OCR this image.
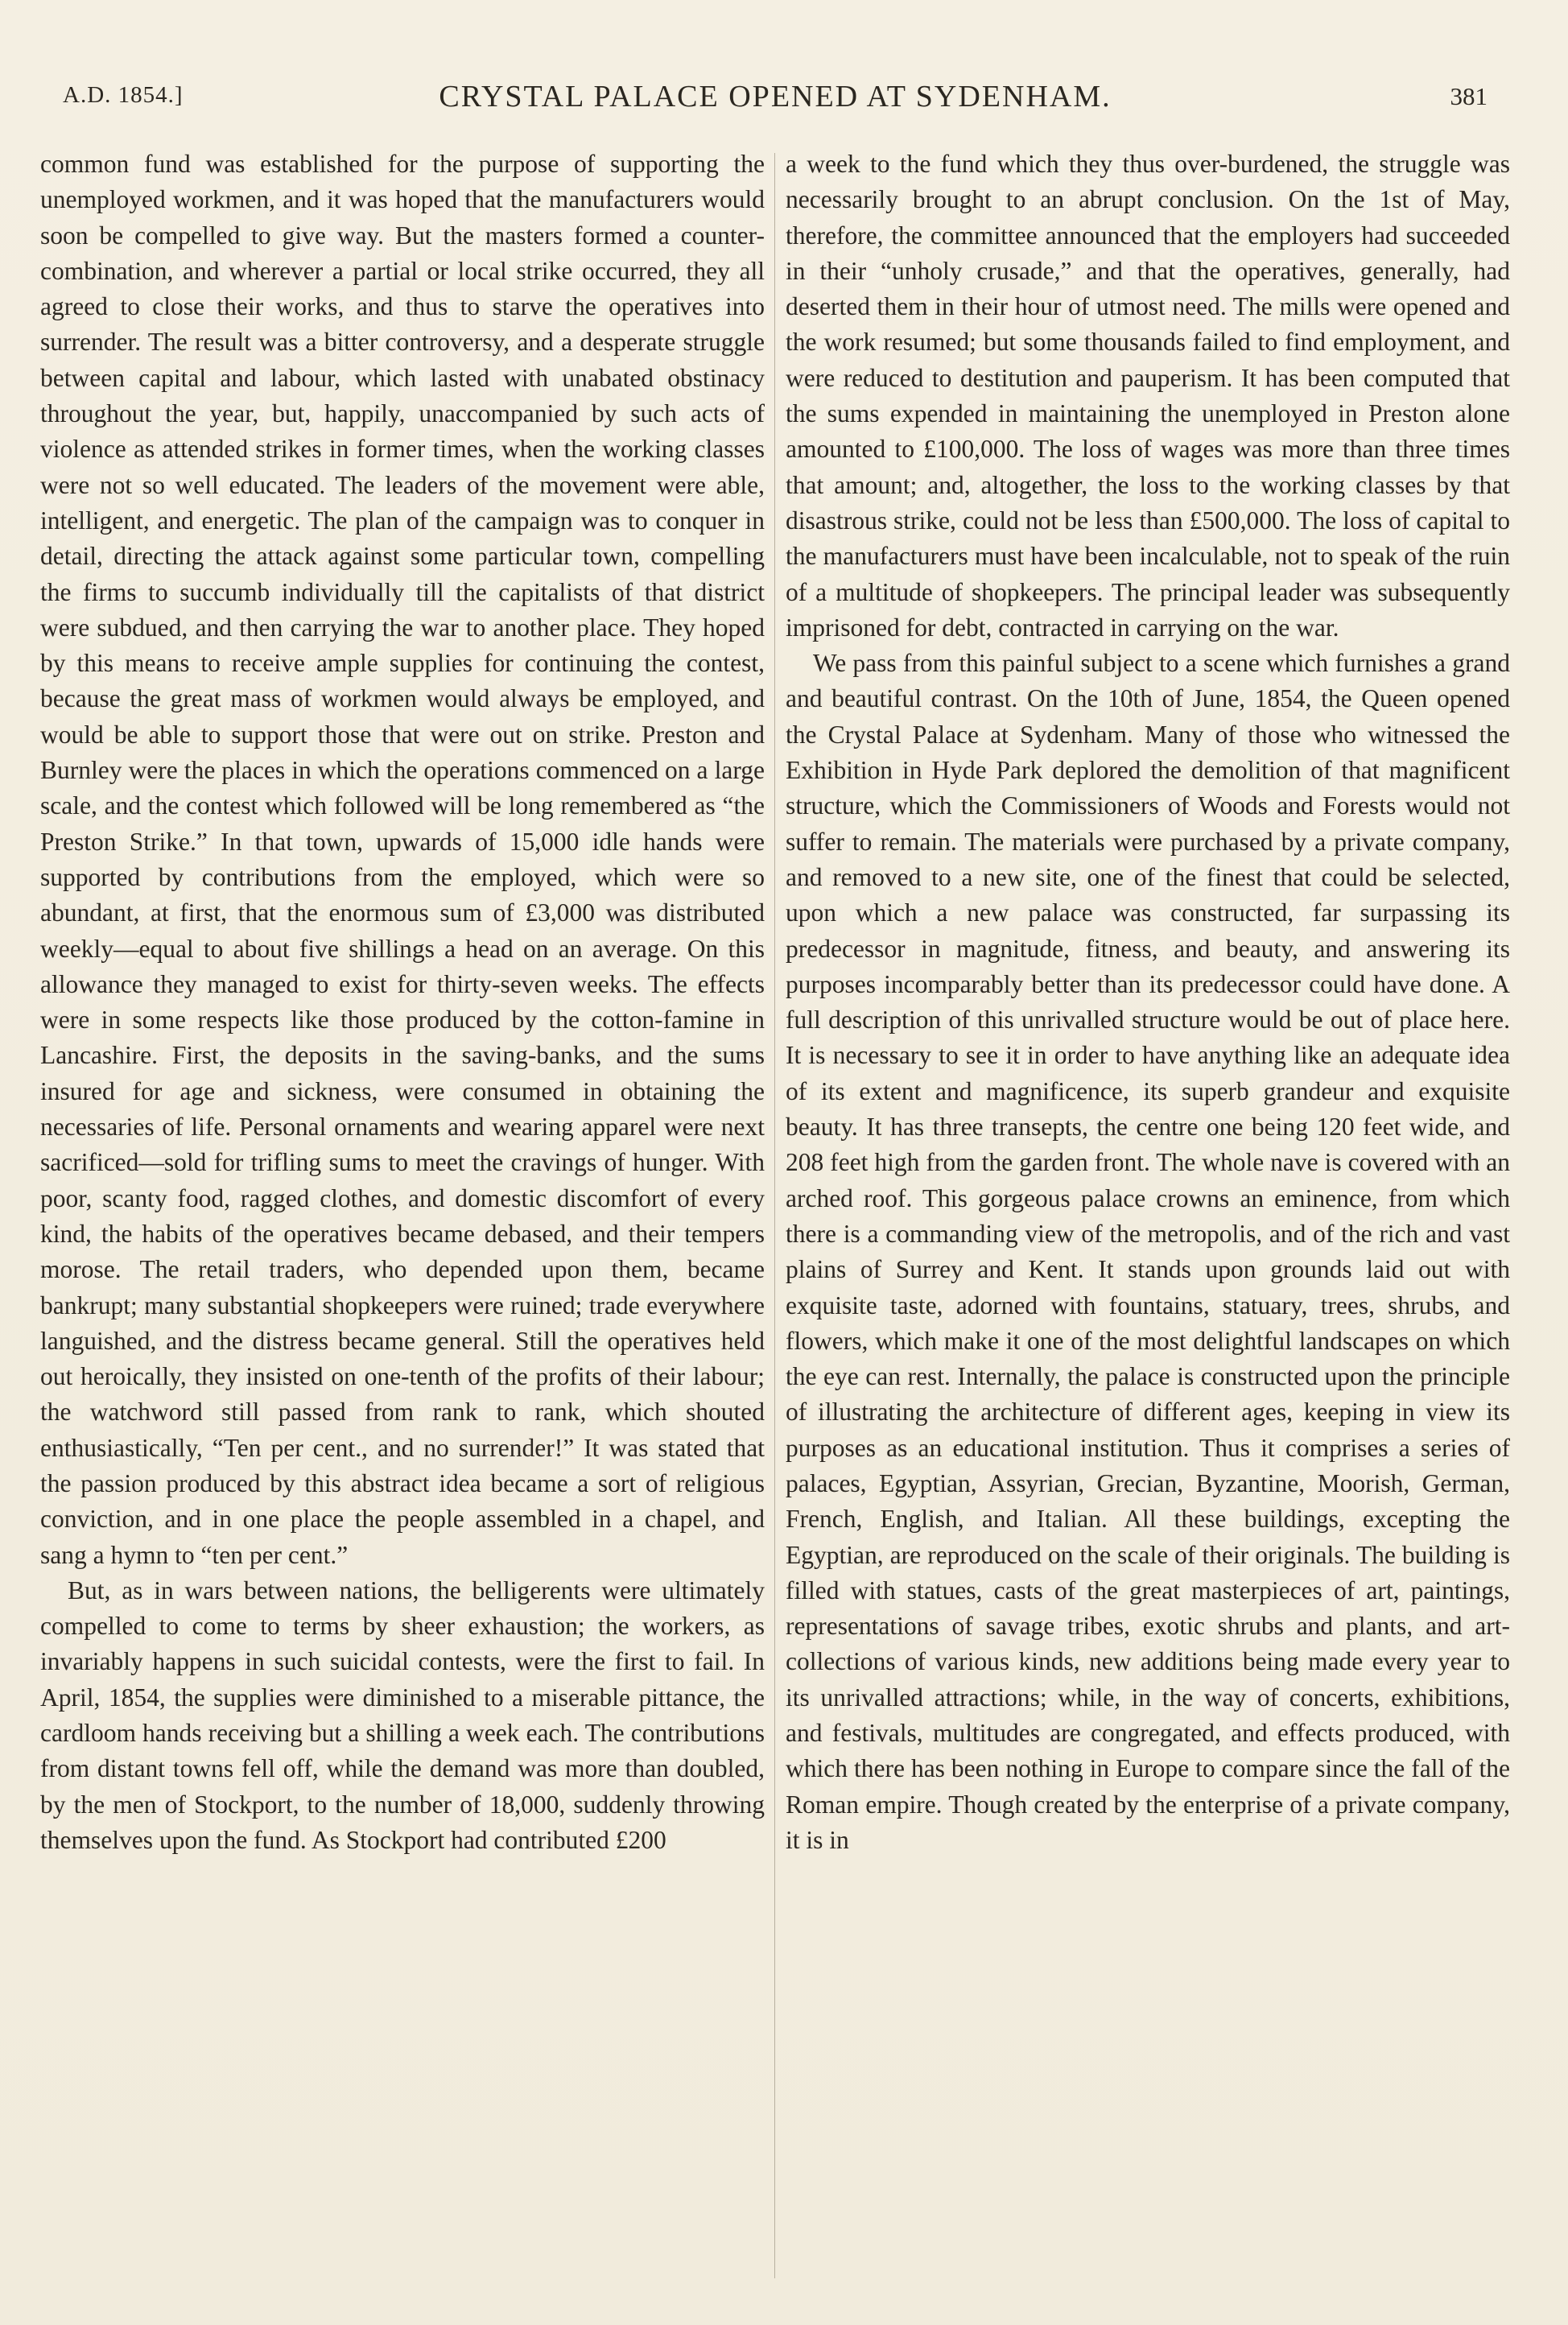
A.D. 1854.]	CRYSTAL PALACE OPENED AT SYDENHAM.	381

common fund was established for the purpose of supporting the unemployed workmen, and it was hoped that the manufacturers would soon be compelled to give way. But the masters formed a counter-combination, and wherever a partial or local strike occurred, they all agreed to close their works, and thus to starve the operatives into surrender. The result was a bitter controversy, and a desperate struggle between capital and labour, which lasted with unabated obstinacy throughout the year, but, happily, unaccompanied by such acts of violence as attended strikes in former times, when the working classes were not so well educated. The leaders of the movement were able, intelligent, and energetic. The plan of the campaign was to conquer in detail, directing the attack against some particular town, compelling the firms to succumb individually till the capitalists of that district were subdued, and then carrying the war to another place. They hoped by this means to receive ample supplies for continuing the contest, because the great mass of workmen would always be employed, and would be able to support those that were out on strike. Preston and Burnley were the places in which the operations commenced on a large scale, and the contest which followed will be long remembered as “the Preston Strike.” In that town, upwards of 15,000 idle hands were supported by contributions from the employed, which were so abundant, at first, that the enormous sum of £3,000 was distributed weekly—equal to about five shillings a head on an average. On this allowance they managed to exist for thirty-seven weeks. The effects were in some respects like those produced by the cotton-famine in Lancashire. First, the deposits in the saving-banks, and the sums insured for age and sickness, were consumed in obtaining the necessaries of life. Personal ornaments and wearing apparel were next sacrificed—sold for trifling sums to meet the cravings of hunger. With poor, scanty food, ragged clothes, and domestic discomfort of every kind, the habits of the operatives became debased, and their tempers morose. The retail traders, who depended upon them, became bankrupt; many substantial shopkeepers were ruined; trade everywhere languished, and the distress became general. Still the operatives held out heroically, they insisted on one-tenth of the profits of their labour; the watchword still passed from rank to rank, which shouted enthusiastically, “Ten per cent., and no surrender!” It was stated that the passion produced by this abstract idea became a sort of religious conviction, and in one place the people assembled in a chapel, and sang a hymn to “ten per cent.”

But, as in wars between nations, the belligerents were ultimately compelled to come to terms by sheer exhaustion; the workers, as invariably happens in such suicidal contests, were the first to fail. In April, 1854, the supplies were diminished to a miserable pittance, the cardloom hands receiving but a shilling a week each. The contributions from distant towns fell off, while the demand was more than doubled, by the men of Stockport, to the number of 18,000, suddenly throwing themselves upon the fund. As Stockport had contributed £200

a week to the fund which they thus over-burdened, the struggle was necessarily brought to an abrupt conclusion. On the 1st of May, therefore, the committee announced that the employers had succeeded in their “unholy crusade,” and that the operatives, generally, had deserted them in their hour of utmost need. The mills were opened and the work resumed; but some thousands failed to find employment, and were reduced to destitution and pauperism. It has been computed that the sums expended in maintaining the unemployed in Preston alone amounted to £100,000. The loss of wages was more than three times that amount; and, altogether, the loss to the working classes by that disastrous strike, could not be less than £500,000. The loss of capital to the manufacturers must have been incalculable, not to speak of the ruin of a multitude of shopkeepers. The principal leader was subsequently imprisoned for debt, contracted in carrying on the war.

We pass from this painful subject to a scene which furnishes a grand and beautiful contrast. On the 10th of June, 1854, the Queen opened the Crystal Palace at Sydenham. Many of those who witnessed the Exhibition in Hyde Park deplored the demolition of that magnificent structure, which the Commissioners of Woods and Forests would not suffer to remain. The materials were purchased by a private company, and removed to a new site, one of the finest that could be selected, upon which a new palace was constructed, far surpassing its predecessor in magnitude, fitness, and beauty, and answering its purposes incomparably better than its predecessor could have done. A full description of this unrivalled structure would be out of place here. It is necessary to see it in order to have anything like an adequate idea of its extent and magnificence, its superb grandeur and exquisite beauty. It has three transepts, the centre one being 120 feet wide, and 208 feet high from the garden front. The whole nave is covered with an arched roof. This gorgeous palace crowns an eminence, from which there is a commanding view of the metropolis, and of the rich and vast plains of Surrey and Kent. It stands upon grounds laid out with exquisite taste, adorned with fountains, statuary, trees, shrubs, and flowers, which make it one of the most delightful landscapes on which the eye can rest. Internally, the palace is constructed upon the principle of illustrating the architecture of different ages, keeping in view its purposes as an educational institution. Thus it comprises a series of palaces, Egyptian, Assyrian, Grecian, Byzantine, Moorish, German, French, English, and Italian. All these buildings, excepting the Egyptian, are reproduced on the scale of their originals. The building is filled with statues, casts of the great masterpieces of art, paintings, representations of savage tribes, exotic shrubs and plants, and art-collections of various kinds, new additions being made every year to its unrivalled attractions; while, in the way of concerts, exhibitions, and festivals, multitudes are congregated, and effects produced, with which there has been nothing in Europe to compare since the fall of the Roman empire. Though created by the enterprise of a private company, it is in
